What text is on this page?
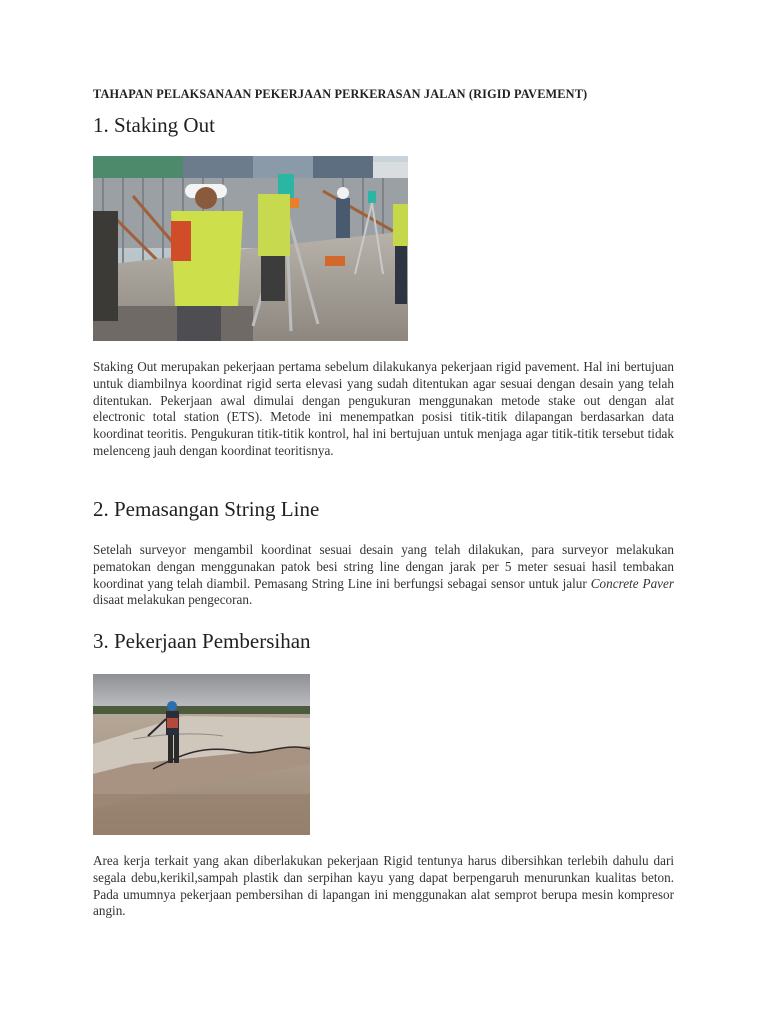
TAHAPAN PELAKSANAAN PEKERJAAN PERKERASAN JALAN (RIGID PAVEMENT)
1. Staking Out

Staking Out merupakan pekerjaan pertama sebelum dilakukanya pekerjaan rigid pavement. Hal ini bertujuan untuk diambilnya koordinat rigid serta elevasi yang sudah ditentukan agar sesuai dengan desain yang telah ditentukan. Pekerjaan awal dimulai dengan pengukuran menggunakan metode stake out dengan alat electronic total station (ETS). Metode ini menempatkan posisi titik-titik dilapangan berdasarkan data koordinat teoritis. Pengukuran titik-titik kontrol, hal ini bertujuan untuk menjaga agar titik-titik tersebut tidak melenceng jauh dengan koordinat teoritisnya.

2. Pemasangan String Line

Setelah surveyor mengambil koordinat sesuai desain yang telah dilakukan, para surveyor melakukan pematokan dengan menggunakan patok besi string line dengan jarak per 5 meter sesuai hasil tembakan koordinat yang telah diambil. Pemasang String Line ini berfungsi sebagai sensor untuk jalur Concrete Paver disaat melakukan pengecoran.

3. Pekerjaan Pembersihan

Area kerja terkait yang akan diberlakukan pekerjaan Rigid tentunya harus dibersihkan terlebih dahulu dari segala debu,kerikil,sampah plastik dan serpihan kayu yang dapat berpengaruh menurunkan kualitas beton. Pada umumnya pekerjaan pembersihan di lapangan ini menggunakan alat semprot berupa mesin kompresor angin.
